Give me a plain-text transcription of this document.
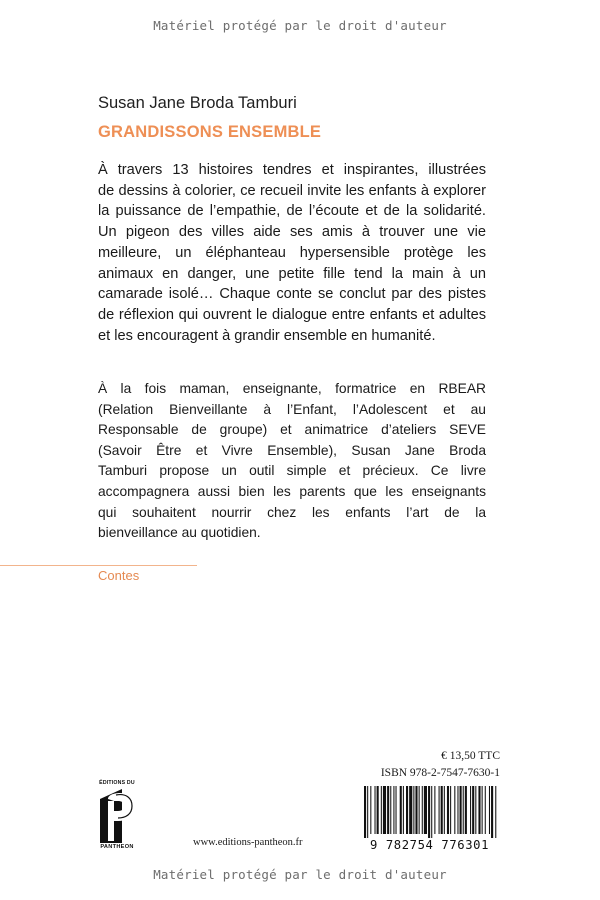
Matériel protégé par le droit d'auteur
Susan Jane Broda Tamburi
GRANDISSONS ENSEMBLE
À travers 13 histoires tendres et inspirantes, illustrées
de dessins à colorier, ce recueil invite les enfants à explorer
la puissance de l’empathie, de l’écoute et de la solidarité.
Un pigeon des villes aide ses amis à trouver une vie
meilleure, un éléphanteau hypersensible protège les
animaux en danger, une petite fille tend la main à un
camarade isolé… Chaque conte se conclut par des pistes
de réflexion qui ouvrent le dialogue entre enfants et adultes
et les encouragent à grandir ensemble en humanité.
À la fois maman, enseignante, formatrice en RBEAR
(Relation Bienveillante à l’Enfant, l’Adolescent et au
Responsable de groupe) et animatrice d’ateliers SEVE
(Savoir Être et Vivre Ensemble), Susan Jane Broda
Tamburi propose un outil simple et précieux. Ce livre
accompagnera aussi bien les parents que les enseignants
qui souhaitent nourrir chez les enfants l’art de la
bienveillance au quotidien.
Contes
€ 13,50 TTC
ISBN 978-2-7547-7630-1
9 782754 776301
ÉDITIONS DU
PANTHEON	www.editions-pantheon.fr
Matériel protégé par le droit d'auteur
